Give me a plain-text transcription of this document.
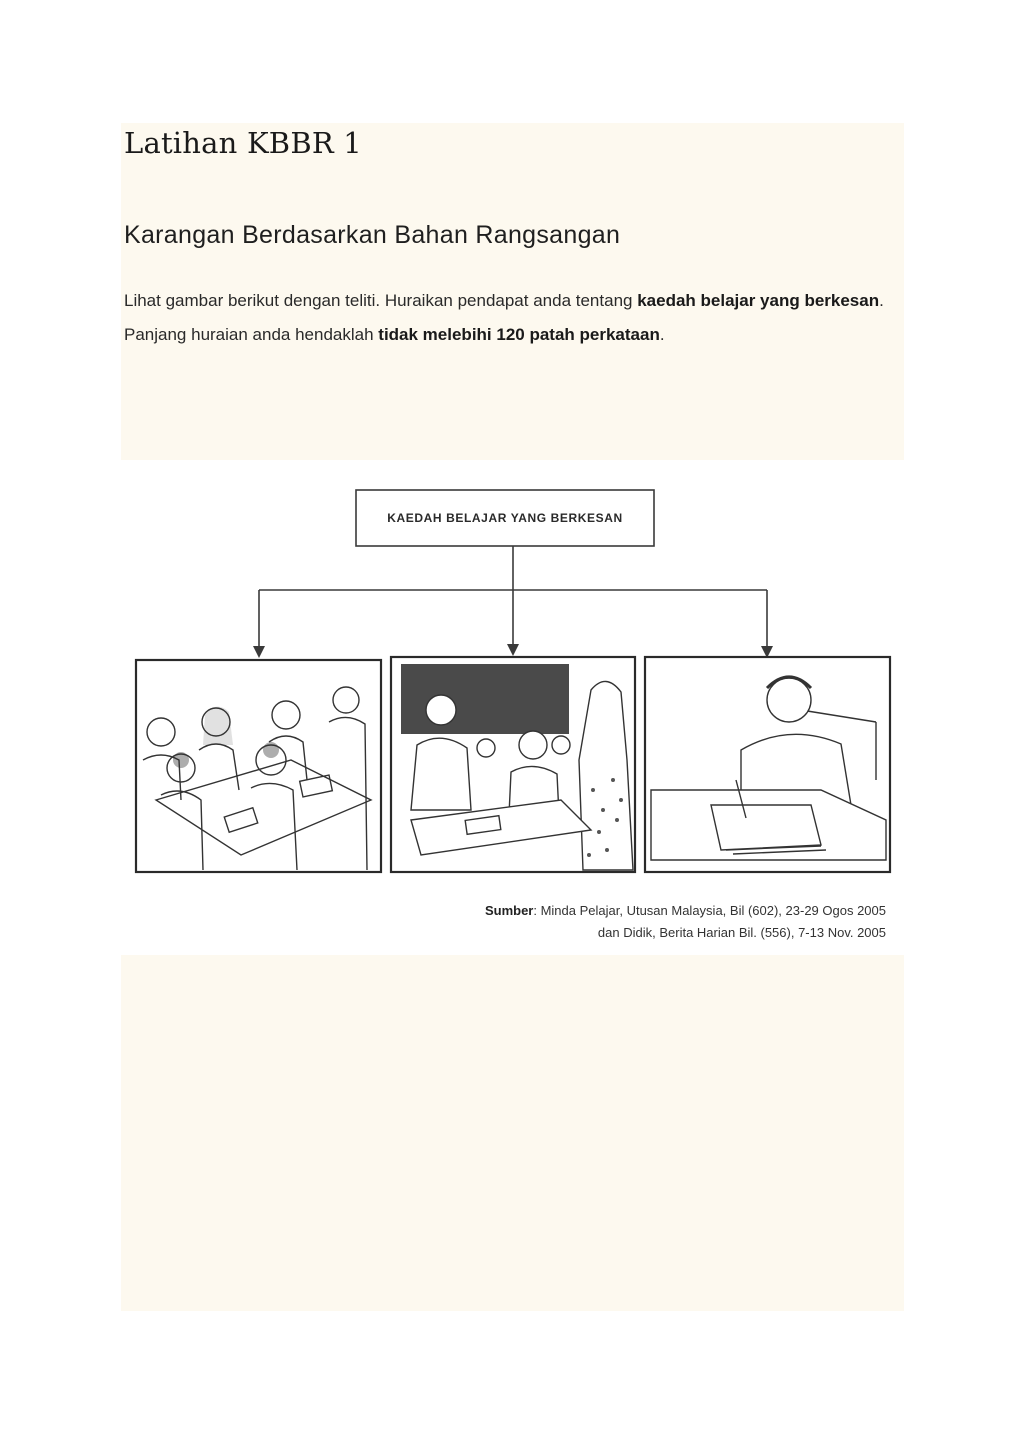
Latihan KBBR 1
Karangan Berdasarkan Bahan Rangsangan

Lihat gambar berikut dengan teliti. Huraikan pendapat anda tentang kaedah belajar yang berkesan. Panjang huraian anda hendaklah tidak melebihi 120 patah perkataan.

KAEDAH BELAJAR YANG BERKESAN
Sumber: Minda Pelajar, Utusan Malaysia, Bil (602), 23-29 Ogos 2005
dan Didik, Berita Harian Bil. (556), 7-13 Nov. 2005
